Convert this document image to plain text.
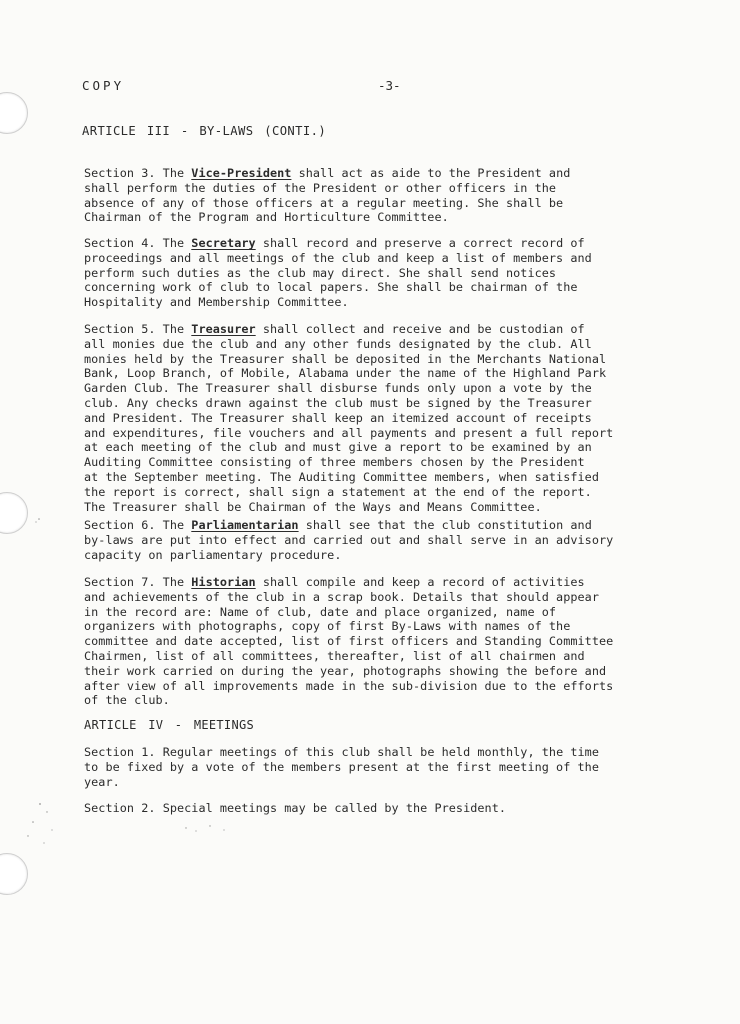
COPY	-3-
ARTICLE III - BY-LAWS (CONTI.)

Section 3. The Vice-President shall act as aide to the President and

shall perform the duties of the President or other officers in the

absence of any of those officers at a regular meeting. She shall be

Chairman of the Program and Horticulture Committee.

Section 4. The Secretary shall record and preserve a correct record of

proceedings and all meetings of the club and keep a list of members and

perform such duties as the club may direct. She shall send notices

concerning work of club to local papers. She shall be chairman of the

Hospitality and Membership Committee.

Section 5. The Treasurer shall collect and receive and be custodian of

all monies due the club and any other funds designated by the club. All

monies held by the Treasurer shall be deposited in the Merchants National

Bank, Loop Branch, of Mobile, Alabama under the name of the Highland Park

Garden Club. The Treasurer shall disburse funds only upon a vote by the

club. Any checks drawn against the club must be signed by the Treasurer

and President. The Treasurer shall keep an itemized account of receipts

and expenditures, file vouchers and all payments and present a full report

at each meeting of the club and must give a report to be examined by an

Auditing Committee consisting of three members chosen by the President

at the September meeting. The Auditing Committee members, when satisfied

the report is correct, shall sign a statement at the end of the report.

The Treasurer shall be Chairman of the Ways and Means Committee.

Section 6. The Parliamentarian shall see that the club constitution and

by-laws are put into effect and carried out and shall serve in an advisory

capacity on parliamentary procedure.

Section 7. The Historian shall compile and keep a record of activities

and achievements of the club in a scrap book. Details that should appear

in the record are: Name of club, date and place organized, name of

organizers with photographs, copy of first By-Laws with names of the

committee and date accepted, list of first officers and Standing Committee

Chairmen, list of all committees, thereafter, list of all chairmen and

their work carried on during the year, photographs showing the before and

after view of all improvements made in the sub-division due to the efforts

of the club.

ARTICLE IV - MEETINGS

Section 1. Regular meetings of this club shall be held monthly, the time

to be fixed by a vote of the members present at the first meeting of the

year.

Section 2. Special meetings may be called by the President.
